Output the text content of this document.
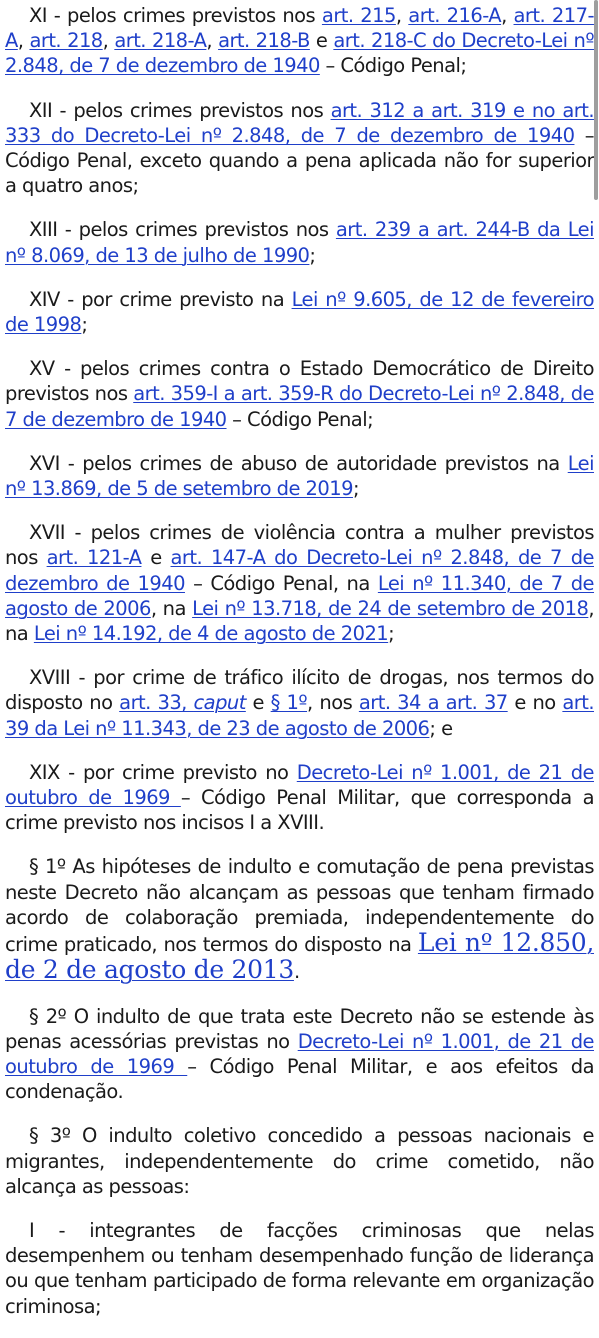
XI - pelos crimes previstos nos art. 215, art. 216-A, art. 217-A, art. 218, art. 218-A, art. 218-B e art. 218-C do Decreto-Lei nº 2.848, de 7 de dezembro de 1940 – Código Penal;

XII - pelos crimes previstos nos art. 312 a art. 319 e no art. 333 do Decreto-Lei nº 2.848, de 7 de dezembro de 1940 – Código Penal, exceto quando a pena aplicada não for superior a quatro anos;

XIII - pelos crimes previstos nos art. 239 a art. 244-B da Lei nº 8.069, de 13 de julho de 1990;

XIV - por crime previsto na Lei nº 9.605, de 12 de fevereiro de 1998;

XV - pelos crimes contra o Estado Democrático de Direito previstos nos art. 359-I a art. 359-R do Decreto-Lei nº 2.848, de 7 de dezembro de 1940 – Código Penal;

XVI - pelos crimes de abuso de autoridade previstos na Lei nº 13.869, de 5 de setembro de 2019;

XVII - pelos crimes de violência contra a mulher previstos nos art. 121-A e art. 147-A do Decreto-Lei nº 2.848, de 7 de dezembro de 1940 – Código Penal, na Lei nº 11.340, de 7 de agosto de 2006, na Lei nº 13.718, de 24 de setembro de 2018, na Lei nº 14.192, de 4 de agosto de 2021;

XVIII - por crime de tráfico ilícito de drogas, nos termos do disposto no art. 33, caput e § 1º, nos art. 34 a art. 37 e no art. 39 da Lei nº 11.343, de 23 de agosto de 2006; e

XIX - por crime previsto no Decreto-Lei nº 1.001, de 21 de outubro de 1969 – Código Penal Militar, que corresponda a crime previsto nos incisos I a XVIII.

§ 1º As hipóteses de indulto e comutação de pena previstas neste Decreto não alcançam as pessoas que tenham firmado acordo de colaboração premiada, independentemente do crime praticado, nos termos do disposto na Lei nº 12.850, de 2 de agosto de 2013.

§ 2º O indulto de que trata este Decreto não se estende às penas acessórias previstas no Decreto-Lei nº 1.001, de 21 de outubro de 1969 – Código Penal Militar, e aos efeitos da condenação.

§ 3º O indulto coletivo concedido a pessoas nacionais e migrantes, independentemente do crime cometido, não alcança as pessoas:

I - integrantes de facções criminosas que nelas desempenhem ou tenham desempenhado função de liderança ou que tenham participado de forma relevante em organização criminosa;
